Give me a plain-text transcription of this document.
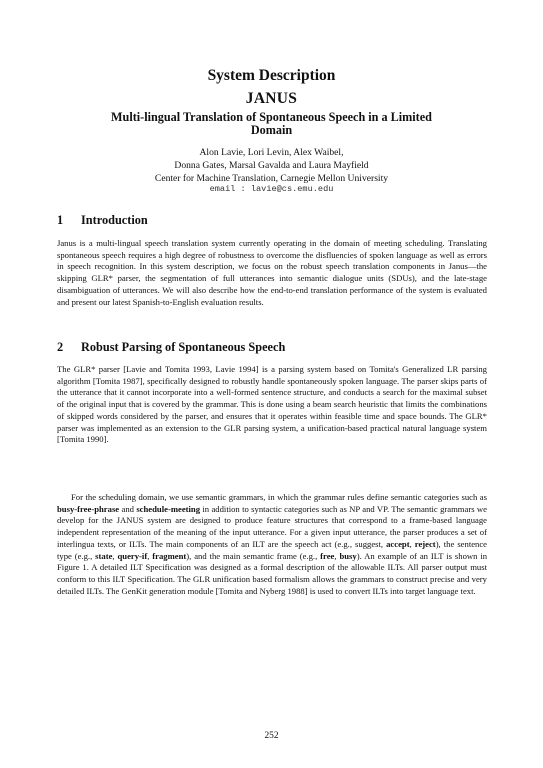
System Description
JANUS
Multi-lingual Translation of Spontaneous Speech in a Limited Domain
Alon Lavie, Lori Levin, Alex Waibel,
Donna Gates, Marsal Gavalda and Laura Mayfield
Center for Machine Translation, Carnegie Mellon University
email : lavie@cs.emu.edu
1 Introduction

Janus is a multi-lingual speech translation system currently operating in the domain of meeting scheduling. Translating spontaneous speech requires a high degree of robustness to overcome the disfluencies of spoken language as well as errors in speech recognition. In this system description, we focus on the robust speech translation components in Janus—the skipping GLR* parser, the segmentation of full utterances into semantic dialogue units (SDUs), and the late-stage disambiguation of utterances. We will also describe how the end-to-end translation performance of the system is evaluated and present our latest Spanish-to-English evaluation results.

2 Robust Parsing of Spontaneous Speech

The GLR* parser [Lavie and Tomita 1993, Lavie 1994] is a parsing system based on Tomita's Generalized LR parsing algorithm [Tomita 1987], specifically designed to robustly handle spontaneously spoken language. The parser skips parts of the utterance that it cannot incorporate into a well-formed sentence structure, and conducts a search for the maximal subset of the original input that is covered by the grammar. This is done using a beam search heuristic that limits the combinations of skipped words considered by the parser, and ensures that it operates within feasible time and space bounds. The GLR* parser was implemented as an extension to the GLR parsing system, a unification-based practical natural language system [Tomita 1990].

For the scheduling domain, we use semantic grammars, in which the grammar rules define semantic categories such as busy-free-phrase and schedule-meeting in addition to syntactic categories such as NP and VP. The semantic grammars we develop for the JANUS system are designed to produce feature structures that correspond to a frame-based language independent representation of the meaning of the input utterance. For a given input utterance, the parser produces a set of interlingua texts, or ILTs. The main components of an ILT are the speech act (e.g., suggest, accept, reject), the sentence type (e.g., state, query-if, fragment), and the main semantic frame (e.g., free, busy). An example of an ILT is shown in Figure 1. A detailed ILT Specification was designed as a formal description of the allowable ILTs. All parser output must conform to this ILT Specification. The GLR unification based formalism allows the grammars to construct precise and very detailed ILTs. The GenKit generation module [Tomita and Nyberg 1988] is used to convert ILTs into target language text.

252
